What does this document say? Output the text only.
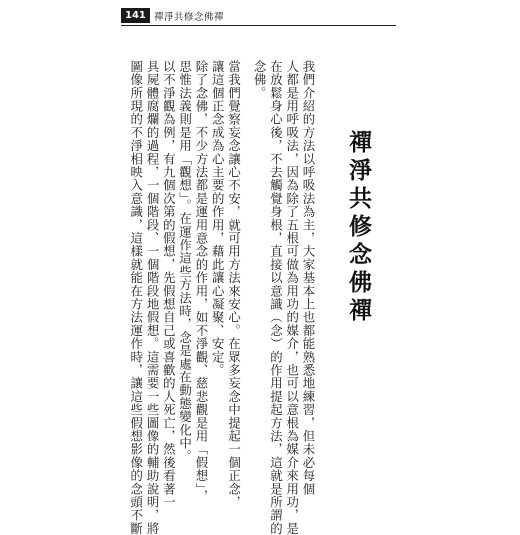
141 禪淨共修念佛禪
我們介紹的方法以呼吸法為主，大家基本上也都能熟悉地練習，但未必每個
人都是用呼吸法，因為除了五根可做為用功的媒介，也可以意根為媒介來用功，是
在放鬆身心後，不去觸覺身根，直接以意識（念）的作用提起方法，這就是所謂的
念佛。
當我們覺察妄念讓心不安，就可用方法來安心。在眾多妄念中提起一個正念，
讓這個正念成為心主要的作用，藉此讓心凝聚、安定。
除了念佛，不少方法都是運用意念的作用，如不淨觀、慈悲觀是用「假想」，
思惟法義則是用「觀想」。在運作這些方法時，念是處在動態變化中。
以不淨觀為例，有九個次第的假想，先假想自己或喜歡的人死亡，然後看著一
具屍體腐爛的過程，一個階段、一個階段地假想。這需要一些圖像的輔助說明，將
圖像所現的不淨相映入意識，這樣就能在方法運作時，讓這些假想影像的念頭不斷	禪淨共修念佛禪
